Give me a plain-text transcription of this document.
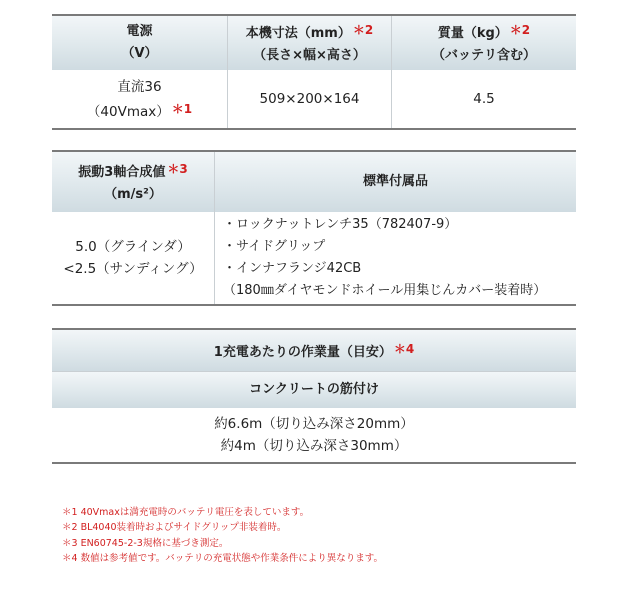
電源
（V）
本機寸法（mm） ＊2
（長さ×幅×高さ）
質量（kg） ＊2
（バッテリ含む）
直流36
（40Vmax） ＊1
509×200×164	4.5
振動3軸合成値 ＊3
（m/s²）
標準付属品
5.0（グラインダ）
<2.5（サンディング）
・ロックナットレンチ35（782407-9）
・サイドグリップ
・インナフランジ42CB
（180㎜ダイヤモンドホイール用集じんカバー装着時）
1充電あたりの作業量（目安） ＊4
コンクリートの筋付け
約6.6m（切り込み深さ20mm）
約4m（切り込み深さ30mm）
＊1 40Vmaxは満充電時のバッテリ電圧を表しています。
＊2 BL4040装着時およびサイドグリップ非装着時。
＊3 EN60745-2-3規格に基づき測定。
＊4 数値は参考値です。バッテリの充電状態や作業条件により異なります。
